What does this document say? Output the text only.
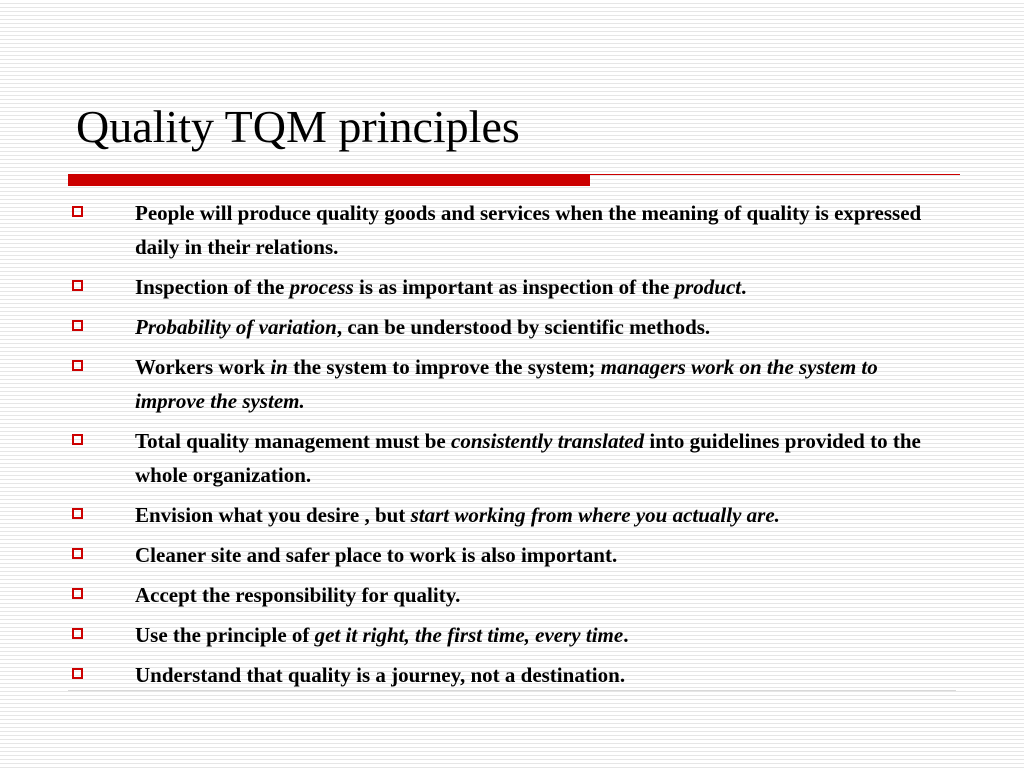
Quality TQM principles
People will produce quality goods and services when the meaning of quality is expressed daily in their relations.
Inspection of the process is as important as inspection of the product.
Probability of variation, can be understood by scientific methods.
Workers work in the system to improve the system; managers work on the system to improve the system.
Total quality management must be consistently translated into guidelines provided to the whole organization.
Envision what you desire , but start working from where you actually are.
Cleaner site and safer place to work is also important.
Accept the responsibility for quality.
Use the principle of get it right, the first time, every time.
Understand that quality is a journey, not a destination.
